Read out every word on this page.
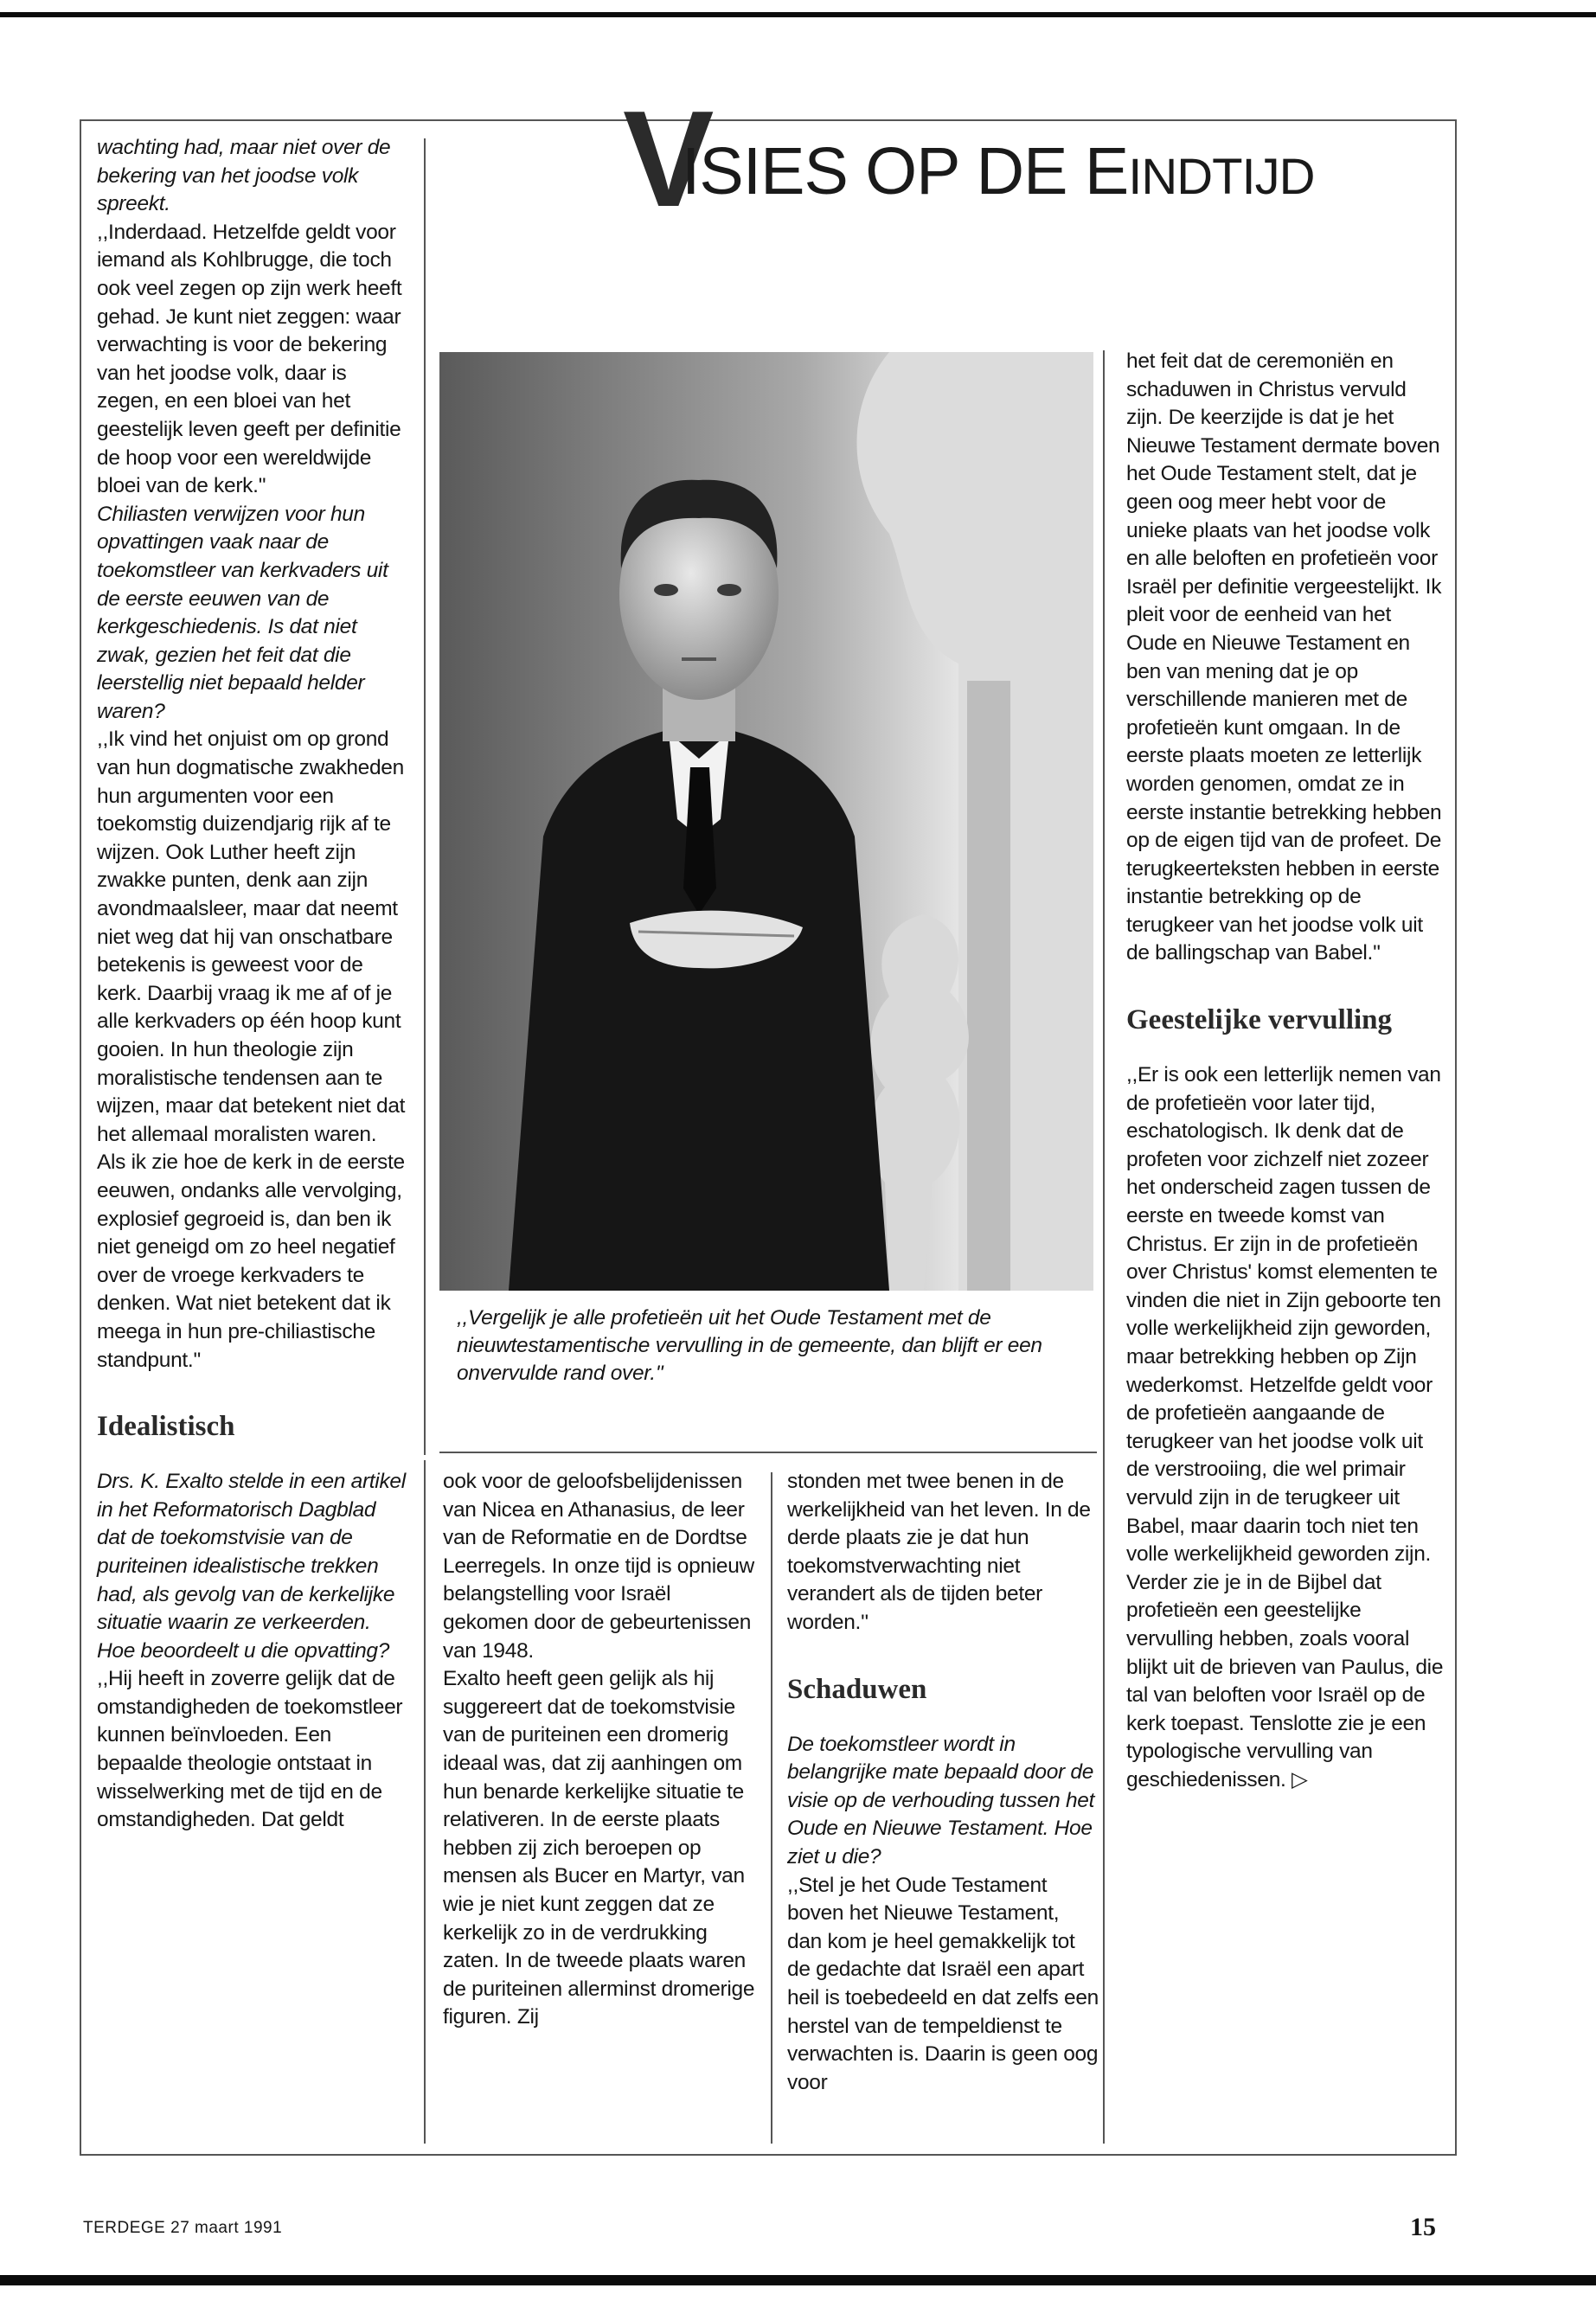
V
ISIES OP DE EINDTIJD

wachting had, maar niet over de bekering van het joodse volk spreekt.

,,Inderdaad. Hetzelfde geldt voor iemand als Kohlbrugge, die toch ook veel zegen op zijn werk heeft gehad. Je kunt niet zeggen: waar verwachting is voor de bekering van het joodse volk, daar is zegen, en een bloei van het geestelijk leven geeft per definitie de hoop voor een wereldwijde bloei van de kerk.''

Chiliasten verwijzen voor hun opvattingen vaak naar de toekomstleer van kerkvaders uit de eerste eeuwen van de kerkgeschiedenis. Is dat niet zwak, gezien het feit dat die leerstellig niet bepaald helder waren?

,,Ik vind het onjuist om op grond van hun dogmatische zwakheden hun argumenten voor een toekomstig duizendjarig rijk af te wijzen. Ook Luther heeft zijn zwakke punten, denk aan zijn avondmaalsleer, maar dat neemt niet weg dat hij van onschatbare betekenis is geweest voor de kerk. Daarbij vraag ik me af of je alle kerkvaders op één hoop kunt gooien. In hun theologie zijn moralistische tendensen aan te wijzen, maar dat betekent niet dat het allemaal moralisten waren. Als ik zie hoe de kerk in de eerste eeuwen, ondanks alle vervolging, explosief gegroeid is, dan ben ik niet geneigd om zo heel negatief over de vroege kerkvaders te denken. Wat niet betekent dat ik meega in hun pre-chiliastische standpunt.''

Idealistisch

Drs. K. Exalto stelde in een artikel in het Reformatorisch Dagblad dat de toekomstvisie van de puriteinen idealistische trekken had, als gevolg van de kerkelijke situatie waarin ze verkeerden. Hoe beoordeelt u die opvatting?

,,Hij heeft in zoverre gelijk dat de omstandigheden de toekomstleer kunnen beïnvloeden. Een bepaalde theologie ontstaat in wisselwerking met de tijd en de omstandigheden. Dat geldt

,,Vergelijk je alle profetieën uit het Oude Testament met de nieuwtestamentische vervulling in de gemeente, dan blijft er een onvervulde rand over.''

ook voor de geloofsbelijdenissen van Nicea en Athanasius, de leer van de Reformatie en de Dordtse Leerregels. In onze tijd is opnieuw belangstelling voor Israël gekomen door de gebeurtenissen van 1948.

Exalto heeft geen gelijk als hij suggereert dat de toekomstvisie van de puriteinen een dromerig ideaal was, dat zij aanhingen om hun benarde kerkelijke situatie te relativeren. In de eerste plaats hebben zij zich beroepen op mensen als Bucer en Martyr, van wie je niet kunt zeggen dat ze kerkelijk zo in de verdrukking zaten. In de tweede plaats waren de puriteinen allerminst dromerige figuren. Zij

stonden met twee benen in de werkelijkheid van het leven. In de derde plaats zie je dat hun toekomstverwachting niet verandert als de tijden beter worden.''

Schaduwen

De toekomstleer wordt in belangrijke mate bepaald door de visie op de verhouding tussen het Oude en Nieuwe Testament. Hoe ziet u die?

,,Stel je het Oude Testament boven het Nieuwe Testament, dan kom je heel gemakkelijk tot de gedachte dat Israël een apart heil is toebedeeld en dat zelfs een herstel van de tempeldienst te verwachten is. Daarin is geen oog voor

het feit dat de ceremoniën en schaduwen in Christus vervuld zijn. De keerzijde is dat je het Nieuwe Testament dermate boven het Oude Testament stelt, dat je geen oog meer hebt voor de unieke plaats van het joodse volk en alle beloften en profetieën voor Israël per definitie vergeestelijkt. Ik pleit voor de eenheid van het Oude en Nieuwe Testament en ben van mening dat je op verschillende manieren met de profetieën kunt omgaan. In de eerste plaats moeten ze letterlijk worden genomen, omdat ze in eerste instantie betrekking hebben op de eigen tijd van de profeet. De terugkeerteksten hebben in eerste instantie betrekking op de terugkeer van het joodse volk uit de ballingschap van Babel.''

Geestelijke vervulling

,,Er is ook een letterlijk nemen van de profetieën voor later tijd, eschatologisch. Ik denk dat de profeten voor zichzelf niet zozeer het onderscheid zagen tussen de eerste en tweede komst van Christus. Er zijn in de profetieën over Christus' komst elementen te vinden die niet in Zijn geboorte ten volle werkelijkheid zijn geworden, maar betrekking hebben op Zijn wederkomst. Hetzelfde geldt voor de profetieën aangaande de terugkeer van het joodse volk uit de verstrooiing, die wel primair vervuld zijn in de terugkeer uit Babel, maar daarin toch niet ten volle werkelijkheid geworden zijn.

Verder zie je in de Bijbel dat profetieën een geestelijke vervulling hebben, zoals vooral blijkt uit de brieven van Paulus, die tal van beloften voor Israël op de kerk toepast. Tenslotte zie je een typologische vervulling van geschiedenissen. ▷

TERDEGE 27 maart 1991	15
